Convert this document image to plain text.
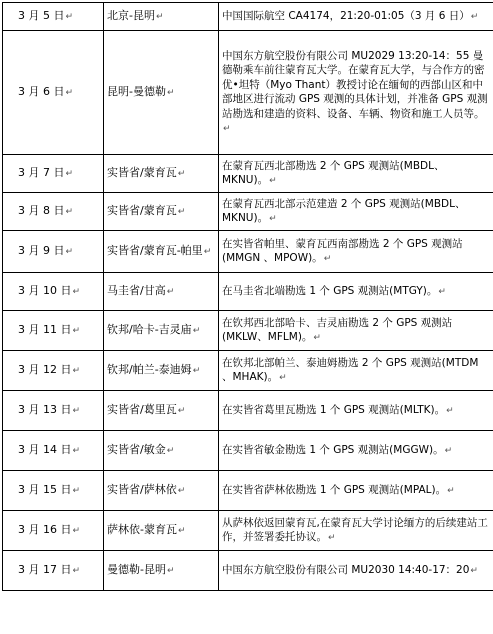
3 月 5 日↵	北京-昆明↵	中国国际航空 CA4174，21:20-01:05（3 月 6 日）↵
3 月 6 日↵	昆明-曼德勒↵	中国东方航空股份有限公司 MU2029 13:20-14：55 曼德勒乘车前往蒙育瓦大学。在蒙育瓦大学，与合作方的密优•坦特（Myo Thant）教授讨论在缅甸的西部山区和中部地区进行流动 GPS 观测的具体计划，并准备 GPS 观测站勘选和建造的资料、设备、车辆、物资和施工人员等。↵
3 月 7 日↵	实皆省/蒙育瓦↵	在蒙育瓦西北部勘选 2 个 GPS 观测站(MBDL、MKNU)。↵
3 月 8 日↵	实皆省/蒙育瓦↵	在蒙育瓦西北部示范建造 2 个 GPS 观测站(MBDL、MKNU)。↵
3 月 9 日↵	实皆省/蒙育瓦-帕里↵	在实皆省帕里、蒙育瓦西南部勘选 2 个 GPS 观测站(MMGN 、MPOW)。↵
3 月 10 日↵	马圭省/甘高↵	在马圭省北端勘选 1 个 GPS 观测站(MTGY)。↵
3 月 11 日↵	钦邦/哈卡-吉灵庙↵	在钦邦西北部哈卡、吉灵庙勘选 2 个 GPS 观测站(MKLW、MFLM)。↵
3 月 12 日↵	钦邦/帕兰-泰迪姆↵	在钦邦北部帕兰、泰迪姆勘选 2 个 GPS 观测站(MTDM 、MHAK)。↵
3 月 13 日↵	实皆省/葛里瓦↵	在实皆省葛里瓦勘选 1 个 GPS 观测站(MLTK)。↵
3 月 14 日↵	实皆省/敏金↵	在实皆省敏金勘选 1 个 GPS 观测站(MGGW)。↵
3 月 15 日↵	实皆省/萨林依↵	在实皆省萨林依勘选 1 个 GPS 观测站(MPAL)。↵
3 月 16 日↵	萨林依-蒙育瓦↵	从萨林依返回蒙育瓦,在蒙育瓦大学讨论缅方的后续建站工作，并签署委托协议。↵
3 月 17 日↵	曼德勒-昆明↵	中国东方航空股份有限公司 MU2030 14:40-17：20↵
